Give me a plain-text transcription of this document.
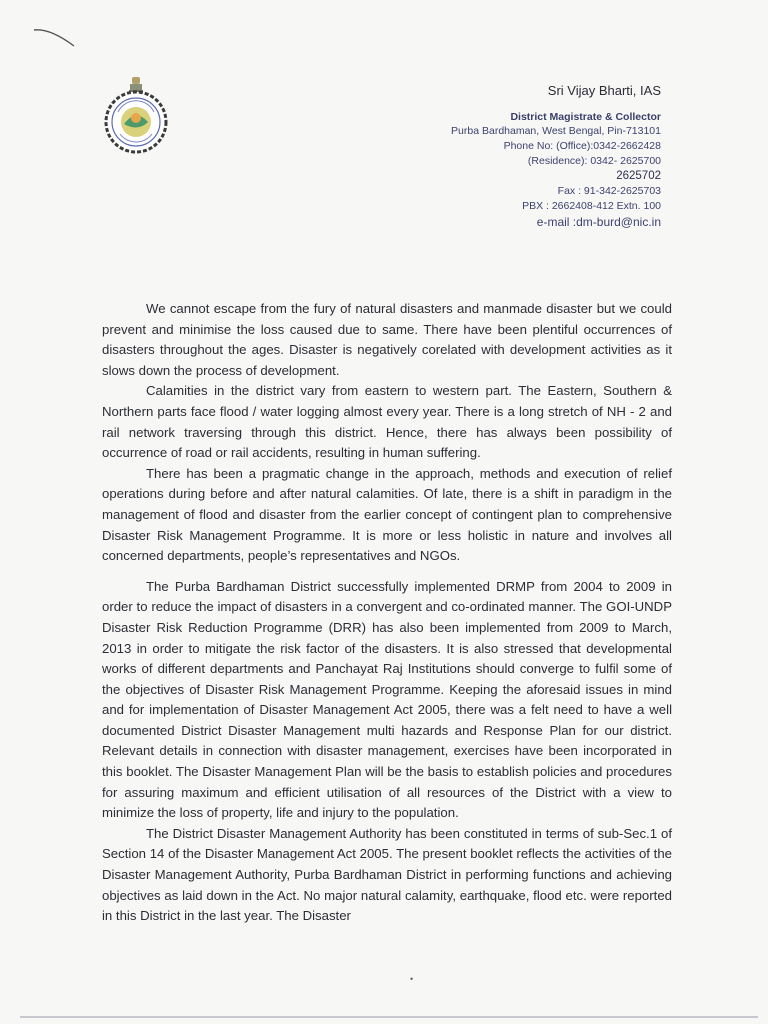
Sri Vijay Bharti, IAS
District Magistrate & Collector
Purba Bardhaman, West Bengal, Pin-713101
Phone No: (Office):0342-2662428
(Residence): 0342- 2625700
2625702
Fax : 91-342-2625703
PBX : 2662408-412 Extn. 100
e-mail :dm-burd@nic.in

We cannot escape from the fury of natural disasters and manmade disaster but we could prevent and minimise the loss caused due to same. There have been plentiful occurrences of disasters throughout the ages. Disaster is negatively corelated with development activities as it slows down the process of development.

Calamities in the district vary from eastern to western part. The Eastern, Southern & Northern parts face flood / water logging almost every year. There is a long stretch of NH - 2 and rail network traversing through this district. Hence, there has always been possibility of occurrence of road or rail accidents, resulting in human suffering.

There has been a pragmatic change in the approach, methods and execution of relief operations during before and after natural calamities. Of late, there is a shift in paradigm in the management of flood and disaster from the earlier concept of contingent plan to comprehensive Disaster Risk Management Programme. It is more or less holistic in nature and involves all concerned departments, people’s representatives and NGOs.

The Purba Bardhaman District successfully implemented DRMP from 2004 to 2009 in order to reduce the impact of disasters in a convergent and co-ordinated manner. The GOI-UNDP Disaster Risk Reduction Programme (DRR) has also been implemented from 2009 to March, 2013 in order to mitigate the risk factor of the disasters. It is also stressed that developmental works of different departments and Panchayat Raj Institutions should converge to fulfil some of the objectives of Disaster Risk Management Programme. Keeping the aforesaid issues in mind and for implementation of Disaster Management Act 2005, there was a felt need to have a well documented District Disaster Management multi hazards and Response Plan for our district. Relevant details in connection with disaster management, exercises have been incorporated in this booklet. The Disaster Management Plan will be the basis to establish policies and procedures for assuring maximum and efficient utilisation of all resources of the District with a view to minimize the loss of property, life and injury to the population.

The District Disaster Management Authority has been constituted in terms of sub-Sec.1 of Section 14 of the Disaster Management Act 2005. The present booklet reflects the activities of the Disaster Management Authority, Purba Bardhaman District in performing functions and achieving objectives as laid down in the Act. No major natural calamity, earthquake, flood etc. were reported in this District in the last year. The Disaster

•
